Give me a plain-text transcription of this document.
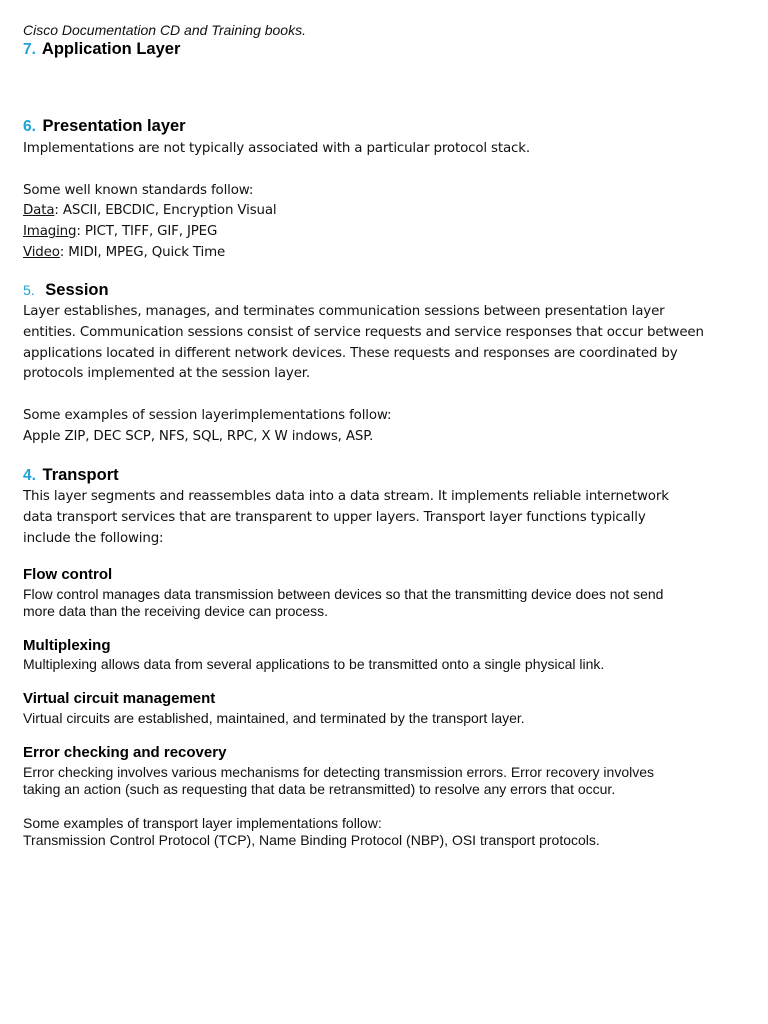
Cisco Documentation CD and Training books.
7. Application Layer
6. Presentation layer
Implementations are not typically associated with a particular protocol stack.

Some well known standards follow:
Data: ASCII, EBCDIC, Encryption Visual
Imaging: PICT, TIFF, GIF, JPEG
Video: MIDI, MPEG, Quick Time
5. Session
Layer establishes, manages, and terminates communication sessions between presentation layer
entities. Communication sessions consist of service requests and service responses that occur between
applications located in different network devices. These requests and responses are coordinated by
protocols implemented at the session layer.

Some examples of session layerimplementations follow:
Apple ZIP, DEC SCP, NFS, SQL, RPC, X W indows, ASP.
4. Transport
This layer segments and reassembles data into a data stream. It implements reliable internetwork
data transport services that are transparent to upper layers. Transport layer functions typically
include the following:
Flow control
Flow control manages data transmission between devices so that the transmitting device does not send
more data than the receiving device can process.
Multiplexing
Multiplexing allows data from several applications to be transmitted onto a single physical link.
Virtual circuit management
Virtual circuits are established, maintained, and terminated by the transport layer.
Error checking and recovery
Error checking involves various mechanisms for detecting transmission errors. Error recovery involves
taking an action (such as requesting that data be retransmitted) to resolve any errors that occur.
Some examples of transport layer implementations follow:
Transmission Control Protocol (TCP), Name Binding Protocol (NBP), OSI transport protocols.
